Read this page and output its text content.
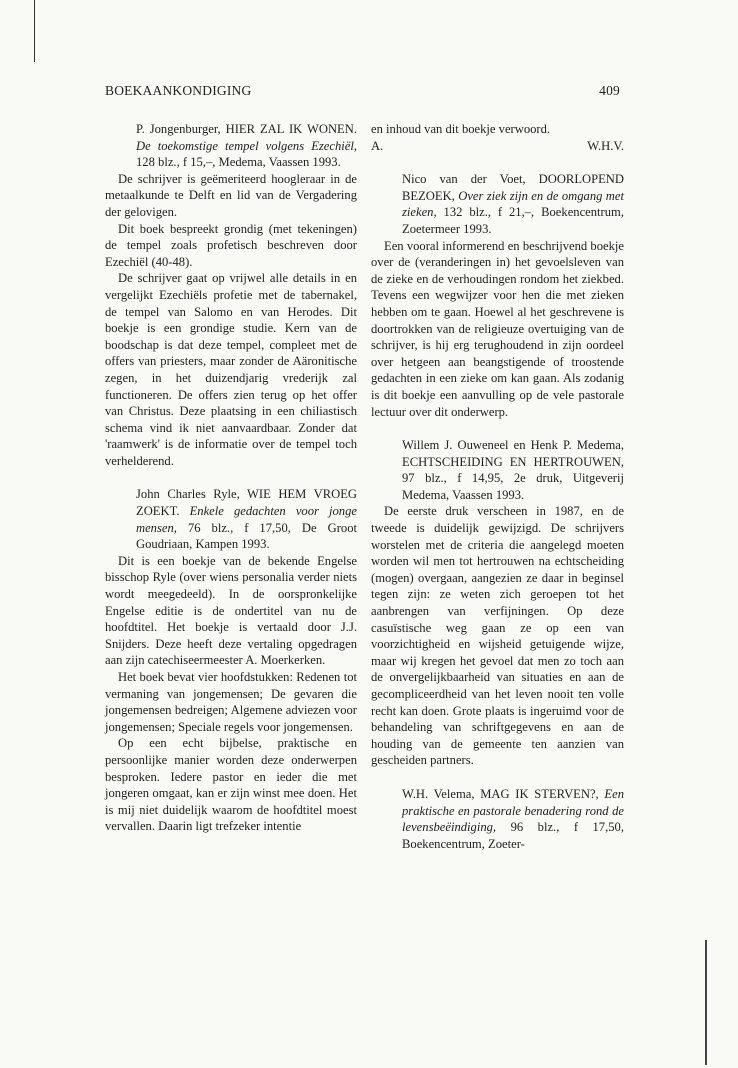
BOEKAANKONDIGING	409
P. Jongenburger, HIER ZAL IK WONEN. De toekomstige tempel volgens Ezechiël, 128 blz., f 15,–, Medema, Vaassen 1993.

De schrijver is geëmeriteerd hoogleraar in de metaalkunde te Delft en lid van de Vergadering der gelovigen.

Dit boek bespreekt grondig (met tekeningen) de tempel zoals profetisch beschreven door Ezechiël (40-48).

De schrijver gaat op vrijwel alle details in en vergelijkt Ezechiëls profetie met de tabernakel, de tempel van Salomo en van Herodes. Dit boekje is een grondige studie. Kern van de boodschap is dat deze tempel, compleet met de offers van priesters, maar zonder de Aäronitische zegen, in het duizendjarig vrederijk zal functioneren. De offers zien terug op het offer van Christus. Deze plaatsing in een chiliastisch schema vind ik niet aanvaardbaar. Zonder dat 'raamwerk' is de informatie over de tempel toch verhelderend.

John Charles Ryle, WIE HEM VROEG ZOEKT. Enkele gedachten voor jonge mensen, 76 blz., f 17,50, De Groot Goudriaan, Kampen 1993.

Dit is een boekje van de bekende Engelse bisschop Ryle (over wiens personalia verder niets wordt meegedeeld). In de oorspronkelijke Engelse editie is de ondertitel van nu de hoofdtitel. Het boekje is vertaald door J.J. Snijders. Deze heeft deze vertaling opgedragen aan zijn catechiseermeester A. Moerkerken.

Het boek bevat vier hoofdstukken: Redenen tot vermaning van jongemensen; De gevaren die jongemensen bedreigen; Algemene adviezen voor jongemensen; Speciale regels voor jongemensen.

Op een echt bijbelse, praktische en persoonlijke manier worden deze onderwerpen besproken. Iedere pastor en ieder die met jongeren omgaat, kan er zijn winst mee doen. Het is mij niet duidelijk waarom de hoofdtitel moest vervallen. Daarin ligt trefzeker intentie

en inhoud van dit boekje verwoord.

A.	W.H.V.
Nico van der Voet, DOORLOPEND BEZOEK, Over ziek zijn en de omgang met zieken, 132 blz., f 21,–, Boekencentrum, Zoetermeer 1993.

Een vooral informerend en beschrijvend boekje over de (veranderingen in) het gevoelsleven van de zieke en de verhoudingen rondom het ziekbed. Tevens een wegwijzer voor hen die met zieken hebben om te gaan. Hoewel al het geschrevene is doortrokken van de religieuze overtuiging van de schrijver, is hij erg terughoudend in zijn oordeel over hetgeen aan beangstigende of troostende gedachten in een zieke om kan gaan. Als zodanig is dit boekje een aanvulling op de vele pastorale lectuur over dit onderwerp.

Willem J. Ouweneel en Henk P. Medema, ECHTSCHEIDING EN HERTROUWEN, 97 blz., f 14,95, 2e druk, Uitgeverij Medema, Vaassen 1993.

De eerste druk verscheen in 1987, en de tweede is duidelijk gewijzigd. De schrijvers worstelen met de criteria die aangelegd moeten worden wil men tot hertrouwen na echtscheiding (mogen) overgaan, aangezien ze daar in beginsel tegen zijn: ze weten zich geroepen tot het aanbrengen van verfijningen. Op deze casuïstische weg gaan ze op een van voorzichtigheid en wijsheid getuigende wijze, maar wij kregen het gevoel dat men zo toch aan de onvergelijkbaarheid van situaties en aan de gecompliceerdheid van het leven nooit ten volle recht kan doen. Grote plaats is ingeruimd voor de behandeling van schriftgegevens en aan de houding van de gemeente ten aanzien van gescheiden partners.

W.H. Velema, MAG IK STERVEN?, Een praktische en pastorale benadering rond de levensbeëindiging, 96 blz., f 17,50, Boekencentrum, Zoeter-
